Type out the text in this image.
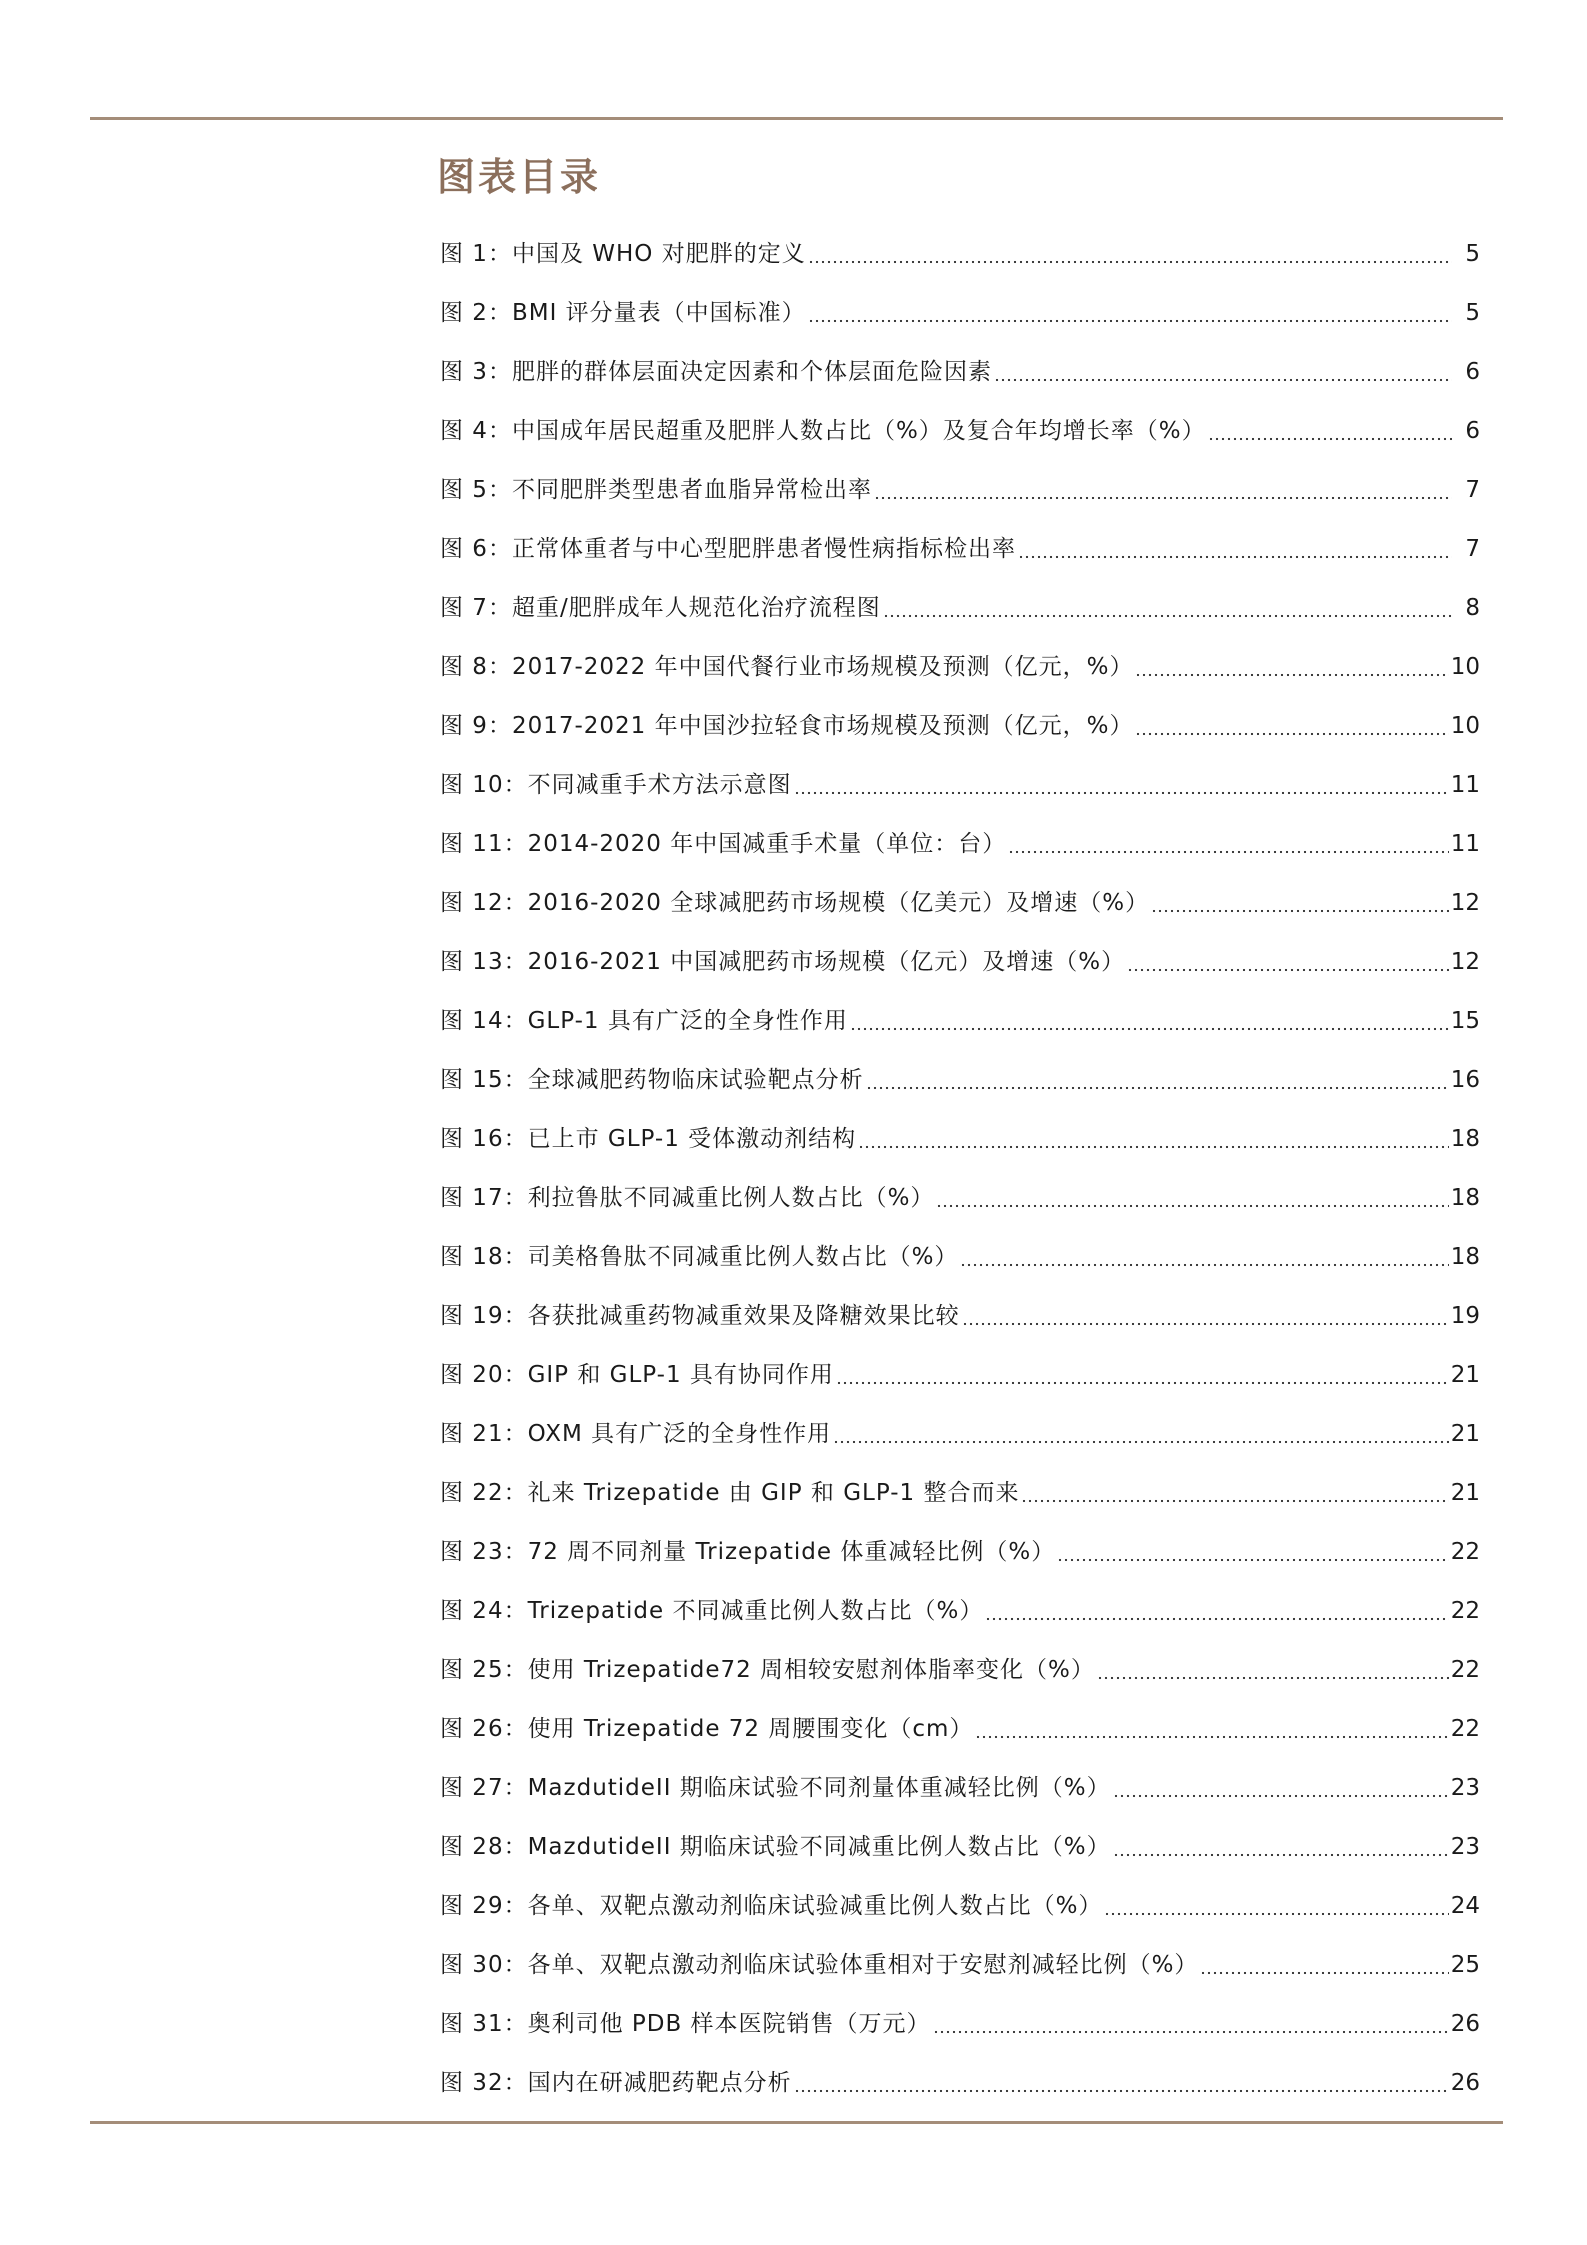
图表目录
图 1：中国及 WHO 对肥胖的定义	5
图 2：BMI 评分量表（中国标准）	5
图 3：肥胖的群体层面决定因素和个体层面危险因素	6
图 4：中国成年居民超重及肥胖人数占比（%）及复合年均增长率（%）	6
图 5：不同肥胖类型患者血脂异常检出率	7
图 6：正常体重者与中心型肥胖患者慢性病指标检出率	7
图 7：超重/肥胖成年人规范化治疗流程图	8
图 8：2017-2022 年中国代餐行业市场规模及预测（亿元，%）	10
图 9：2017-2021 年中国沙拉轻食市场规模及预测（亿元，%）	10
图 10：不同减重手术方法示意图	11
图 11：2014-2020 年中国减重手术量（单位：台）	11
图 12：2016-2020 全球减肥药市场规模（亿美元）及增速（%）	12
图 13：2016-2021 中国减肥药市场规模（亿元）及增速（%）	12
图 14：GLP-1 具有广泛的全身性作用	15
图 15：全球减肥药物临床试验靶点分析	16
图 16：已上市 GLP-1 受体激动剂结构	18
图 17：利拉鲁肽不同减重比例人数占比（%）	18
图 18：司美格鲁肽不同减重比例人数占比（%）	18
图 19：各获批减重药物减重效果及降糖效果比较	19
图 20：GIP 和 GLP-1 具有协同作用	21
图 21：OXM 具有广泛的全身性作用	21
图 22：礼来 Trizepatide 由 GIP 和 GLP-1 整合而来	21
图 23：72 周不同剂量 Trizepatide 体重减轻比例（%）	22
图 24：Trizepatide 不同减重比例人数占比（%）	22
图 25：使用 Trizepatide72 周相较安慰剂体脂率变化（%）	22
图 26：使用 Trizepatide 72 周腰围变化（cm）	22
图 27：MazdutideII 期临床试验不同剂量体重减轻比例（%）	23
图 28：MazdutideII 期临床试验不同减重比例人数占比（%）	23
图 29：各单、双靶点激动剂临床试验减重比例人数占比（%）	24
图 30：各单、双靶点激动剂临床试验体重相对于安慰剂减轻比例（%）	25
图 31：奥利司他 PDB 样本医院销售（万元）	26
图 32：国内在研减肥药靶点分析	26
